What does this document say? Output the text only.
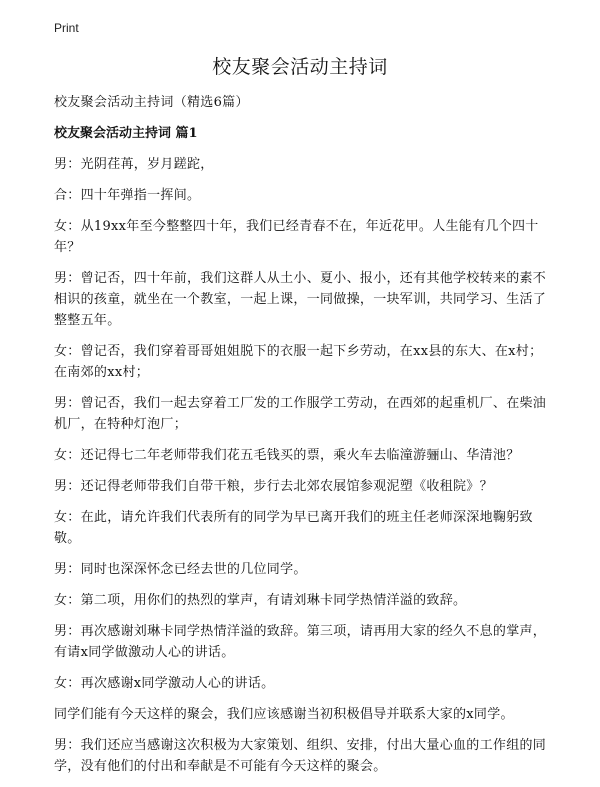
Print
校友聚会活动主持词

校友聚会活动主持词（精选6篇）

校友聚会活动主持词 篇1

男：光阴荏苒，岁月蹉跎，

合：四十年弹指一挥间。

女：从19xx年至今整整四十年，我们已经青春不在，年近花甲。人生能有几个四十年？

男：曾记否，四十年前，我们这群人从土小、夏小、报小，还有其他学校转来的素不相识的孩童，就坐在一个教室，一起上课，一同做操，一块军训，共同学习、生活了整整五年。

女：曾记否，我们穿着哥哥姐姐脱下的衣服一起下乡劳动，在xx县的东大、在x村；在南郊的xx村；

男：曾记否，我们一起去穿着工厂发的工作服学工劳动，在西郊的起重机厂、在柴油机厂，在特种灯泡厂；

女：还记得七二年老师带我们花五毛钱买的票，乘火车去临潼游骊山、华清池？

男：还记得老师带我们自带干粮，步行去北郊农展馆参观泥塑《收租院》？

女：在此，请允许我们代表所有的同学为早已离开我们的班主任老师深深地鞠躬致敬。

男：同时也深深怀念已经去世的几位同学。

女：第二项，用你们的热烈的掌声，有请刘琳卡同学热情洋溢的致辞。

男：再次感谢刘琳卡同学热情洋溢的致辞。第三项，请再用大家的经久不息的掌声，有请x同学做激动人心的讲话。

女：再次感谢x同学激动人心的讲话。

同学们能有今天这样的聚会，我们应该感谢当初积极倡导并联系大家的x同学。

男：我们还应当感谢这次积极为大家策划、组织、安排，付出大量心血的工作组的同学，没有他们的付出和奉献是不可能有今天这样的聚会。
